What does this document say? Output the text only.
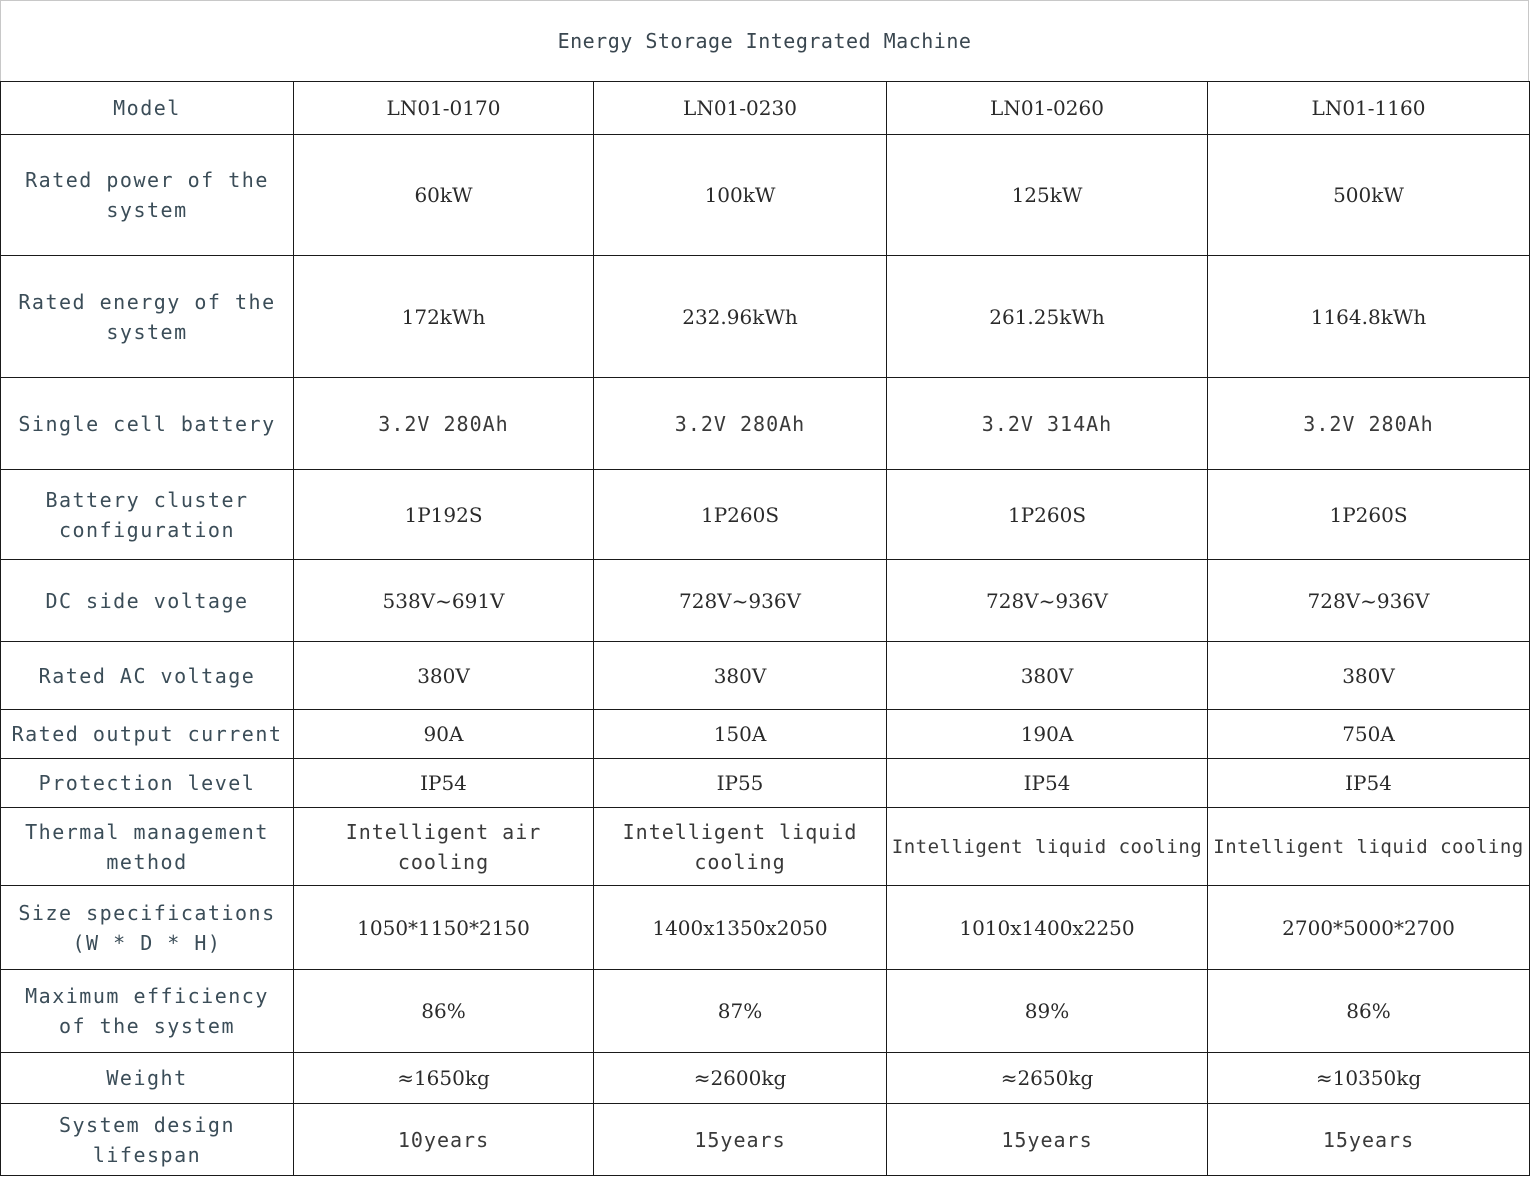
Energy Storage Integrated Machine
Model	LN01-0170	LN01-0230	LN01-0260	LN01-1160
Rated power of the system	60kW	100kW	125kW	500kW
Rated energy of the system	172kWh	232.96kWh	261.25kWh	1164.8kWh
Single cell battery	3.2V 280Ah	3.2V 280Ah	3.2V 314Ah	3.2V 280Ah
Battery cluster configuration	1P192S	1P260S	1P260S	1P260S
DC side voltage	538V~691V	728V~936V	728V~936V	728V~936V
Rated AC voltage	380V	380V	380V	380V
Rated output current	90A	150A	190A	750A
Protection level	IP54	IP55	IP54	IP54
Thermal management method	Intelligent air cooling	Intelligent liquid cooling	Intelligent liquid cooling	Intelligent liquid cooling
Size specifications (W * D * H)	1050*1150*2150	1400x1350x2050	1010x1400x2250	2700*5000*2700
Maximum efficiency of the system	86%	87%	89%	86%
Weight	≈1650kg	≈2600kg	≈2650kg	≈10350kg
System design lifespan	10years	15years	15years	15years
